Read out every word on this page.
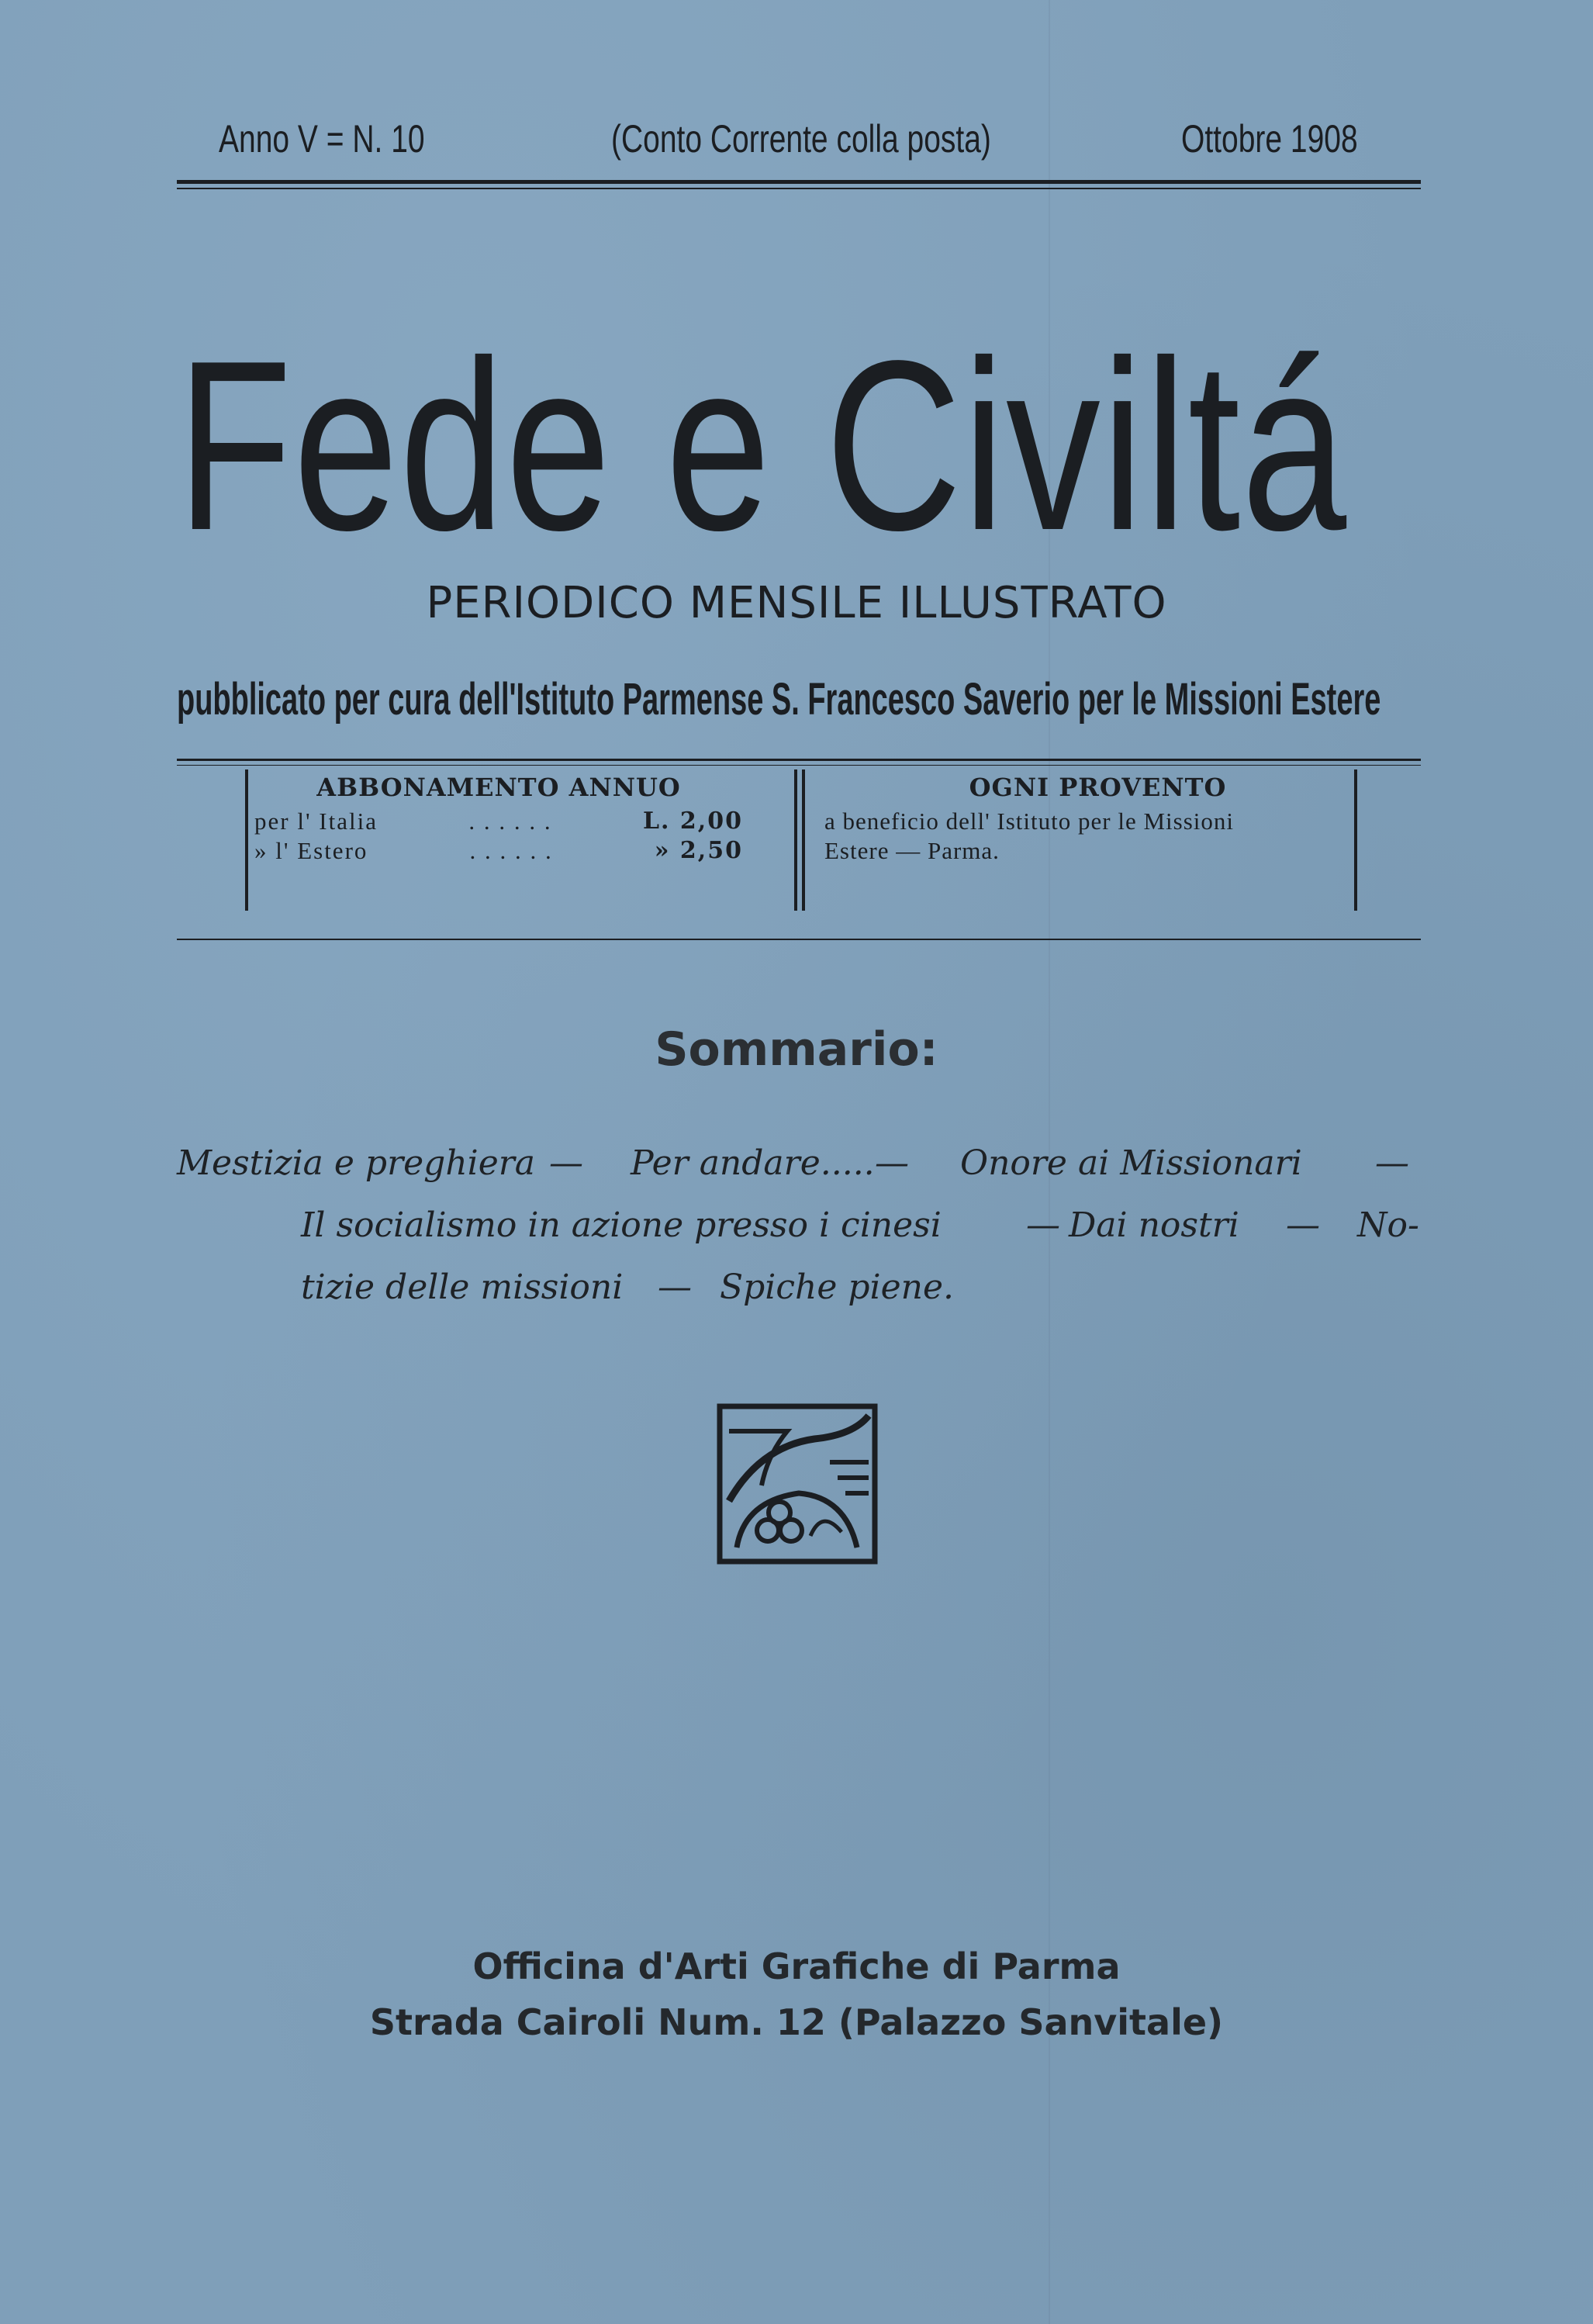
Anno V = N. 10	(Conto Corrente colla posta)	Ottobre 1908
Fede e Civiltá
PERIODICO MENSILE ILLUSTRATO
pubblicato per cura dell'Istituto Parmense S. Francesco Saverio per le Missioni Estere
ABBONAMENTO ANNUO
per l' Italia	. . . . . .	L. 2,00
» l' Estero	. . . . . .	» 2,50
OGNI PROVENTO
a beneficio dell' Istituto per le Missioni
Estere — Parma.
Sommario:
Mestizia e preghiera — Per andare..... — Onore ai Missionari —
Il socialismo in azione presso i cinesi — Dai nostri — No-
tizie delle missioni — Spiche piene.
Officina d'Arti Grafiche di Parma
Strada Cairoli Num. 12 (Palazzo Sanvitale)
